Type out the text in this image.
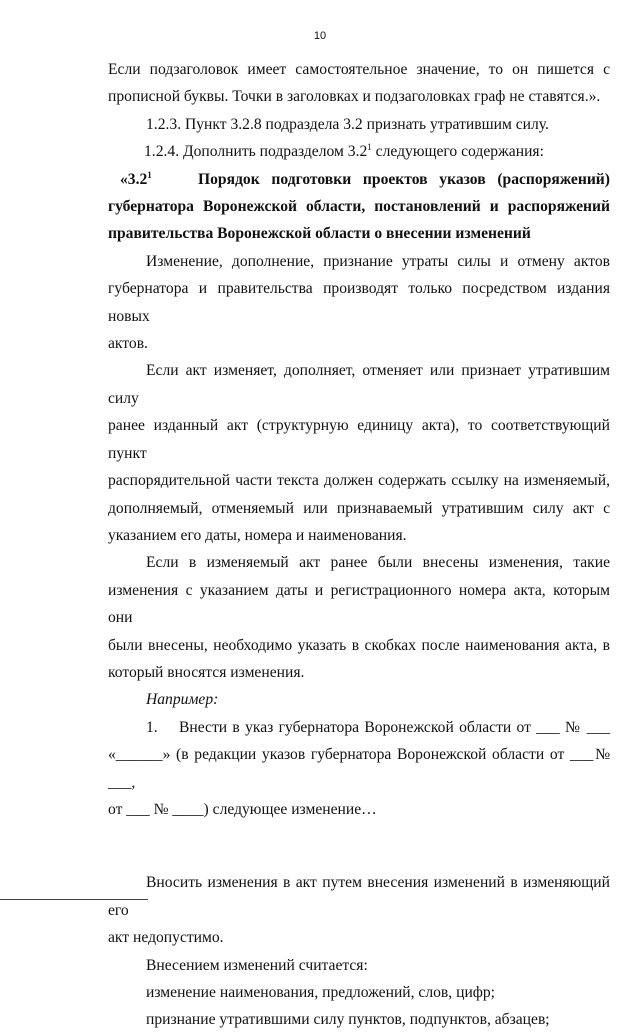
10

Если подзаголовок имеет самостоятельное значение, то он пишется с

прописной буквы. Точки в заголовках и подзаголовках граф не ставятся.».

1.2.3. Пункт 3.2.8 подраздела 3.2 признать утратившим силу.

1.2.4. Дополнить подразделом $3.2^1$ следующего содержания:

«$3.2^1$	Порядок подготовки проектов указов (распоряжений)

губернатора Воронежской области, постановлений и распоряжений

правительства Воронежской области о внесении изменений

Изменение, дополнение, признание утраты силы и отмену актов

губернатора и правительства производят только посредством издания новых

актов.

Если акт изменяет, дополняет, отменяет или признает утратившим силу

ранее изданный акт (структурную единицу акта), то соответствующий пункт

распорядительной части текста должен содержать ссылку на изменяемый,

дополняемый, отменяемый или признаваемый утратившим силу акт с

указанием его даты, номера и наименования.

Если в изменяемый акт ранее были внесены изменения, такие

изменения с указанием даты и регистрационного номера акта, которым они

были внесены, необходимо указать в скобках после наименования акта, в

который вносятся изменения.

Например:

1.    Внести в указ губернатора Воронежской области от ___ № ___

«______» (в редакции указов губернатора Воронежской области от ___№ ___,

от ___ № ____) следующее изменение…

Вносить изменения в акт путем внесения изменений в изменяющий его

акт недопустимо.

Внесением изменений считается:

изменение наименования, предложений, слов, цифр;

признание утратившими силу пунктов, подпунктов, абзацев;
